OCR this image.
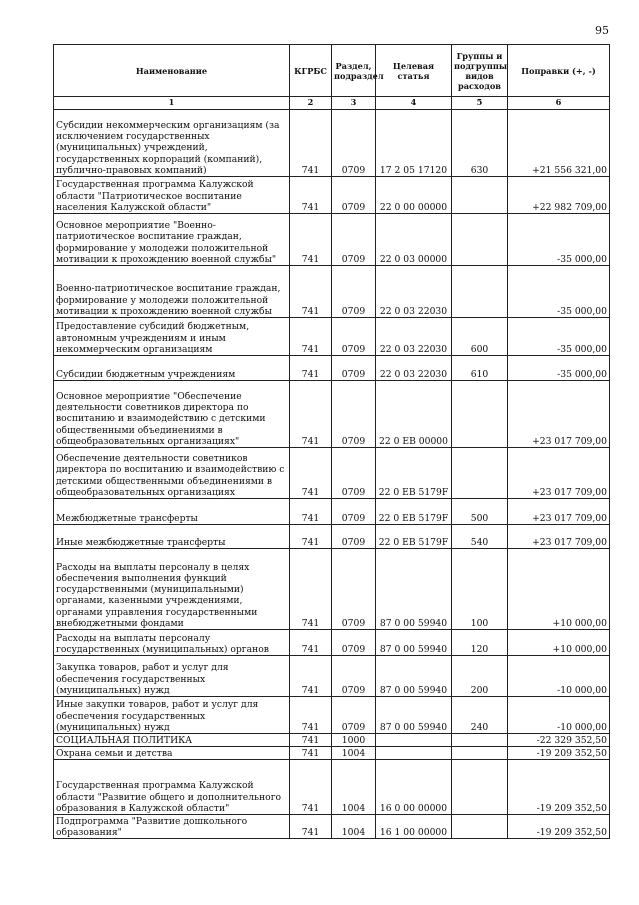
95
Наименование	КГРБС	Раздел, подраздел	Целевая статья	Группы и подгруппы видов расходов	Поправки (+, -)
1	2	3	4	5	6
Субсидии некоммерческим организациям (за исключением государственных (муниципальных) учреждений, государственных корпораций (компаний), публично-правовых компаний)	741	0709	17 2 05 17120	630	+21 556 321,00
Государственная программа Калужской области "Патриотическое воспитание населения Калужской области"	741	0709	22 0 00 00000		+22 982 709,00
Основное мероприятие "Военно-патриотическое воспитание граждан, формирование у молодежи положительной мотивации к прохождению военной службы"	741	0709	22 0 03 00000		-35 000,00
Военно-патриотическое воспитание граждан, формирование у молодежи положительной мотивации к прохождению военной службы	741	0709	22 0 03 22030		-35 000,00
Предоставление субсидий бюджетным, автономным учреждениям и иным некоммерческим организациям	741	0709	22 0 03 22030	600	-35 000,00
Субсидии бюджетным учреждениям	741	0709	22 0 03 22030	610	-35 000,00
Основное мероприятие "Обеспечение деятельности советников директора по воспитанию и взаимодействию с детскими общественными объединениями в общеобразовательных организациях"	741	0709	22 0 EB 00000		+23 017 709,00
Обеспечение деятельности советников директора по воспитанию и взаимодействию с детскими общественными объединениями в общеобразовательных организациях	741	0709	22 0 EB 5179F		+23 017 709,00
Межбюджетные трансферты	741	0709	22 0 EB 5179F	500	+23 017 709,00
Иные межбюджетные трансферты	741	0709	22 0 EB 5179F	540	+23 017 709,00
Расходы на выплаты персоналу в целях обеспечения выполнения функций государственными (муниципальными) органами, казенными учреждениями, органами управления государственными внебюджетными фондами	741	0709	87 0 00 59940	100	+10 000,00
Расходы на выплаты персоналу государственных (муниципальных) органов	741	0709	87 0 00 59940	120	+10 000,00
Закупка товаров, работ и услуг для обеспечения государственных (муниципальных) нужд	741	0709	87 0 00 59940	200	-10 000,00
Иные закупки товаров, работ и услуг для обеспечения государственных (муниципальных) нужд	741	0709	87 0 00 59940	240	-10 000,00
СОЦИАЛЬНАЯ ПОЛИТИКА	741	1000			-22 329 352,50
Охрана семьи и детства	741	1004			-19 209 352,50
Государственная программа Калужской области "Развитие общего и дополнительного образования в Калужской области"	741	1004	16 0 00 00000		-19 209 352,50
Подпрограмма "Развитие дошкольного образования"	741	1004	16 1 00 00000		-19 209 352,50
